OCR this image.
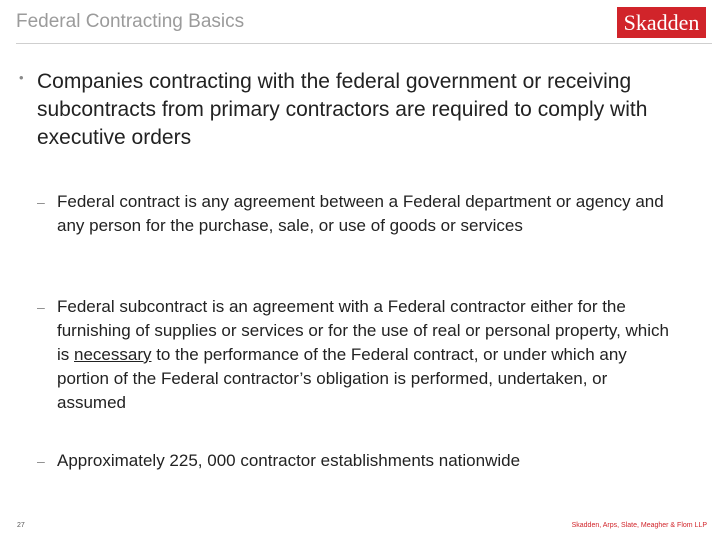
Federal Contracting Basics	Skadden
• Companies contracting with the federal government or receiving subcontracts from primary contractors are required to comply with executive orders
– Federal contract is any agreement between a Federal department or agency and any person for the purchase, sale, or use of goods or services
– Federal subcontract is an agreement with a Federal contractor either for the furnishing of supplies or services or for the use of real or personal property, which is necessary to the performance of the Federal contract, or under which any portion of the Federal contractor’s obligation is performed, undertaken, or assumed
– Approximately 225, 000 contractor establishments nationwide
27	Skadden, Arps, Slate, Meagher & Flom LLP
